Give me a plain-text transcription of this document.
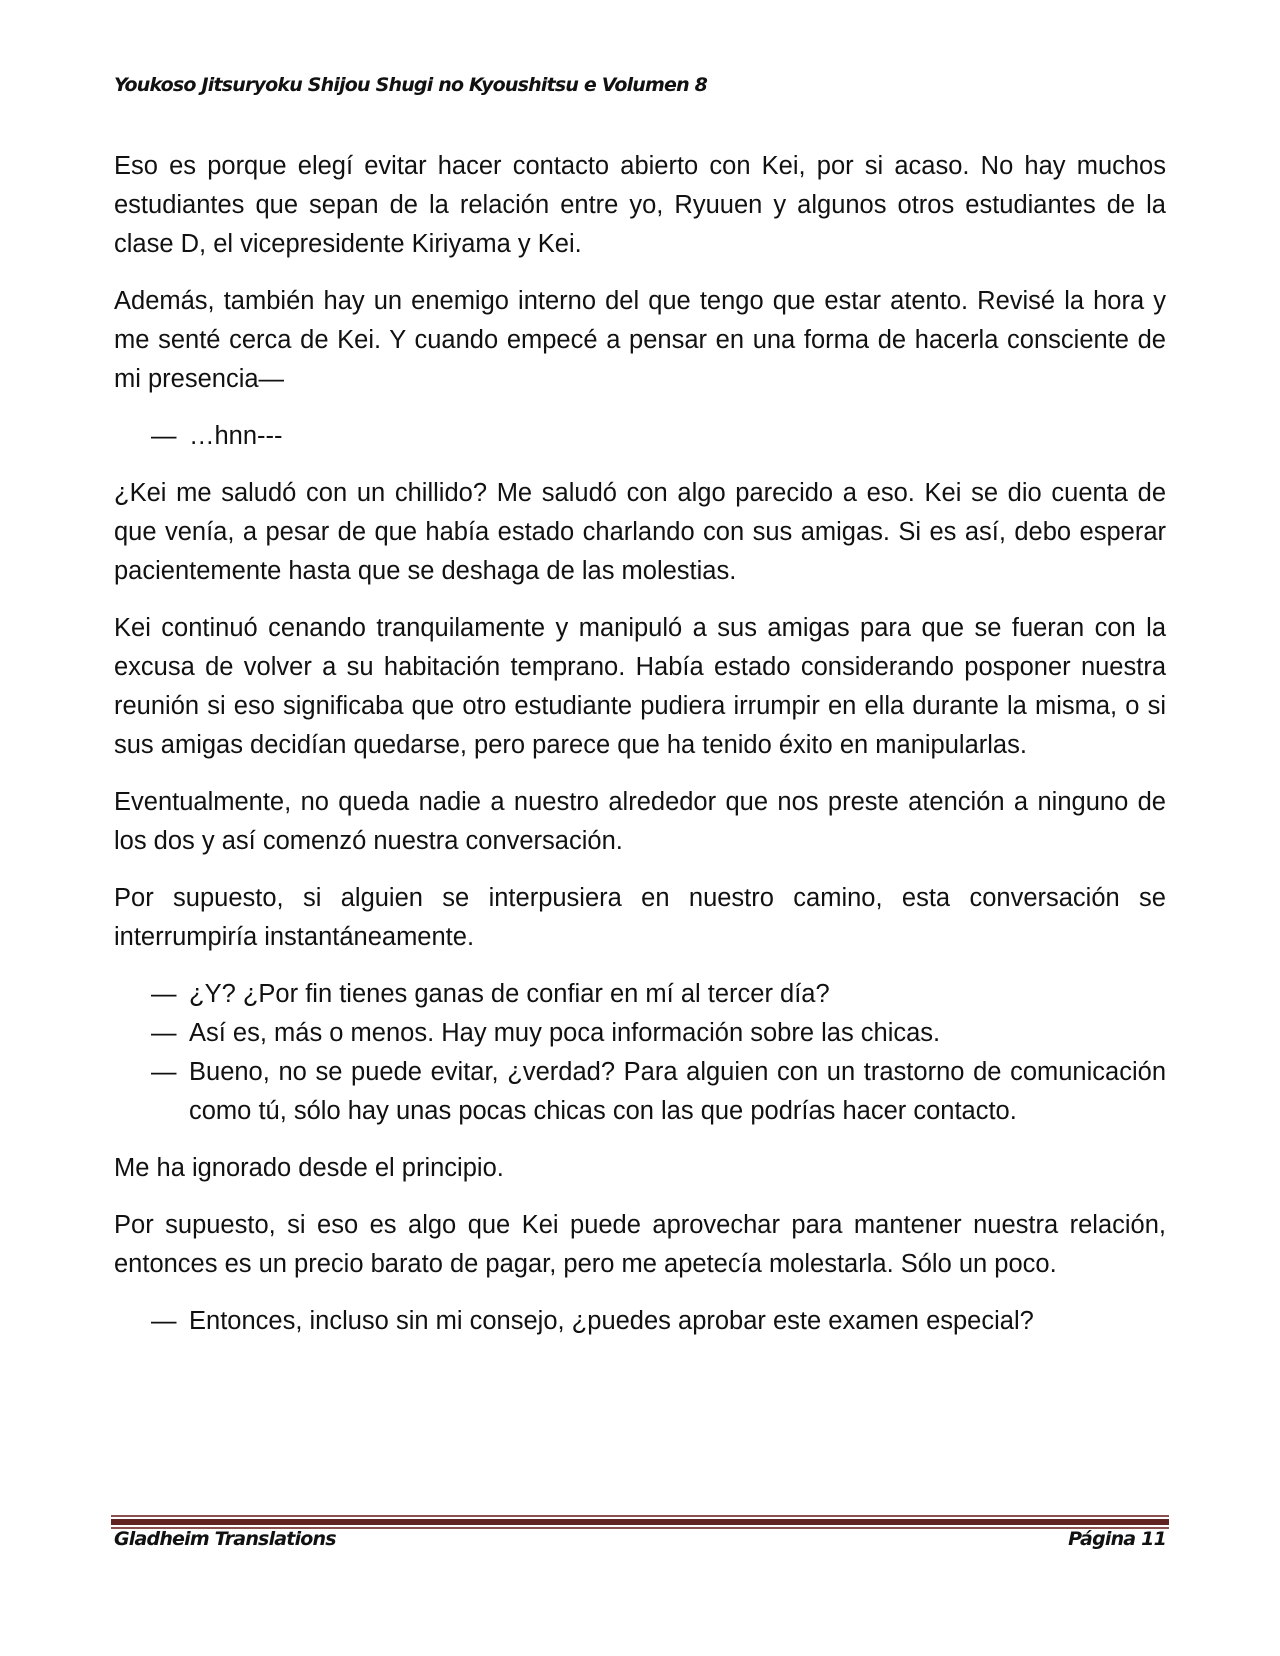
Youkoso Jitsuryoku Shijou Shugi no Kyoushitsu e Volumen 8

Eso es porque elegí evitar hacer contacto abierto con Kei, por si acaso. No hay muchos estudiantes que sepan de la relación entre yo, Ryuuen y algunos otros estudiantes de la clase D, el vicepresidente Kiriyama y Kei.

Además, también hay un enemigo interno del que tengo que estar atento. Revisé la hora y me senté cerca de Kei. Y cuando empecé a pensar en una forma de hacerla consciente de mi presencia—

— …hnn---

¿Kei me saludó con un chillido? Me saludó con algo parecido a eso. Kei se dio cuenta de que venía, a pesar de que había estado charlando con sus amigas. Si es así, debo esperar pacientemente hasta que se deshaga de las molestias.

Kei continuó cenando tranquilamente y manipuló a sus amigas para que se fueran con la excusa de volver a su habitación temprano. Había estado considerando posponer nuestra reunión si eso significaba que otro estudiante pudiera irrumpir en ella durante la misma, o si sus amigas decidían quedarse, pero parece que ha tenido éxito en manipularlas.

Eventualmente, no queda nadie a nuestro alrededor que nos preste atención a ninguno de los dos y así comenzó nuestra conversación.

Por supuesto, si alguien se interpusiera en nuestro camino, esta conversación se interrumpiría instantáneamente.

— ¿Y? ¿Por fin tienes ganas de confiar en mí al tercer día?
— Así es, más o menos. Hay muy poca información sobre las chicas.
— Bueno, no se puede evitar, ¿verdad? Para alguien con un trastorno de comunicación como tú, sólo hay unas pocas chicas con las que podrías hacer contacto.

Me ha ignorado desde el principio.

Por supuesto, si eso es algo que Kei puede aprovechar para mantener nuestra relación, entonces es un precio barato de pagar, pero me apetecía molestarla. Sólo un poco.

— Entonces, incluso sin mi consejo, ¿puedes aprobar este examen especial?
Gladheim Translations	Página 11
